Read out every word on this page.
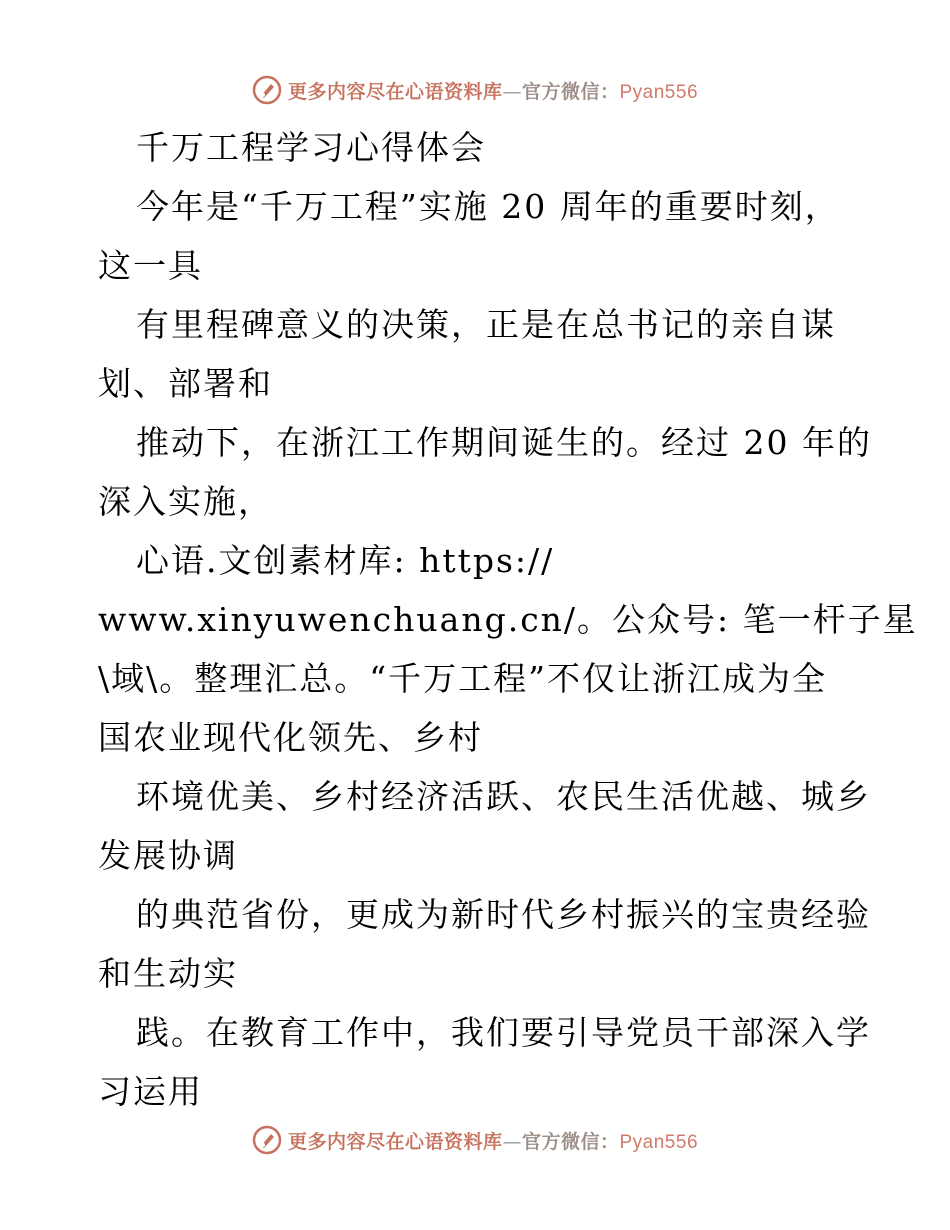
更多内容尽在心语资料库—官方微信：Pyan556
千万工程学习心得体会
今年是“千万工程”实施 20 周年的重要时刻，
这一具
有里程碑意义的决策，正是在总书记的亲自谋
划、部署和
推动下，在浙江工作期间诞生的。经过 20 年的
深入实施，
心语.文创素材库: https://
www.xinyuwenchuang.cn/。公众号: 笔一杆子星
\域\。整理汇总。“千万工程”不仅让浙江成为全
国农业现代化领先、乡村
环境优美、乡村经济活跃、农民生活优越、城乡
发展协调
的典范省份，更成为新时代乡村振兴的宝贵经验
和生动实
践。在教育工作中，我们要引导党员干部深入学
习运用
更多内容尽在心语资料库—官方微信：Pyan556
